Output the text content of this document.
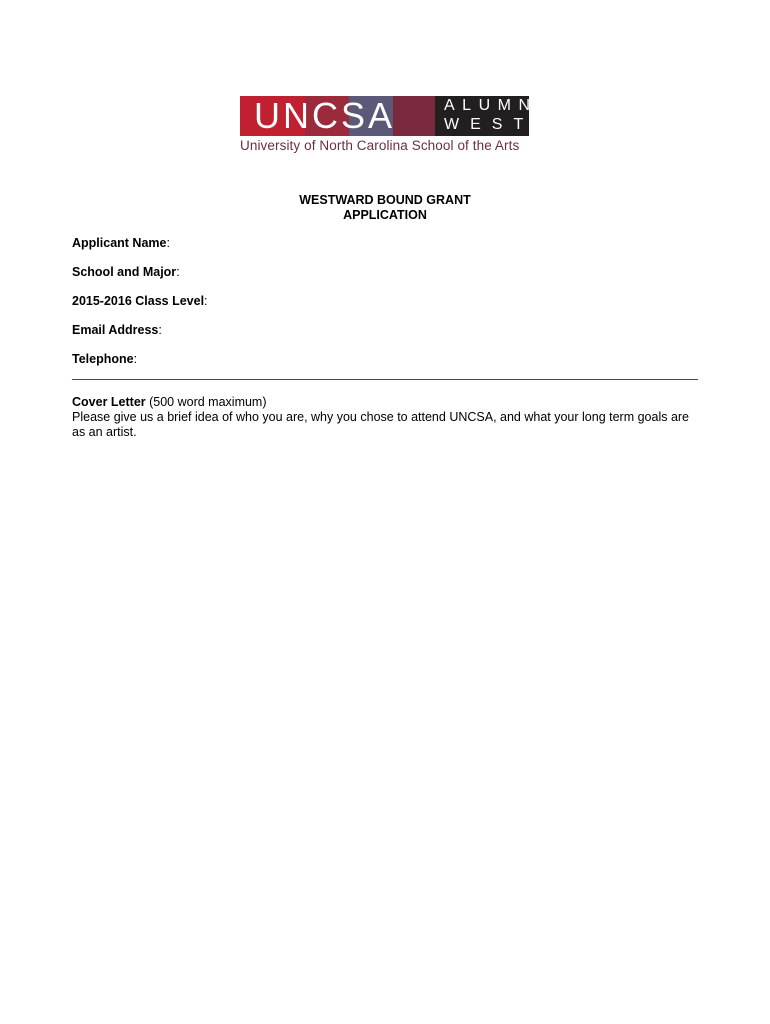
UNCSA	ALUMNI
WEST
University of North Carolina School of the Arts
WESTWARD BOUND GRANT
APPLICATION
Applicant Name:
School and Major:
2015-2016 Class Level:
Email Address:
Telephone:
Cover Letter (500 word maximum)
Please give us a brief idea of who you are, why you chose to attend UNCSA, and what your long term goals are as an artist.
